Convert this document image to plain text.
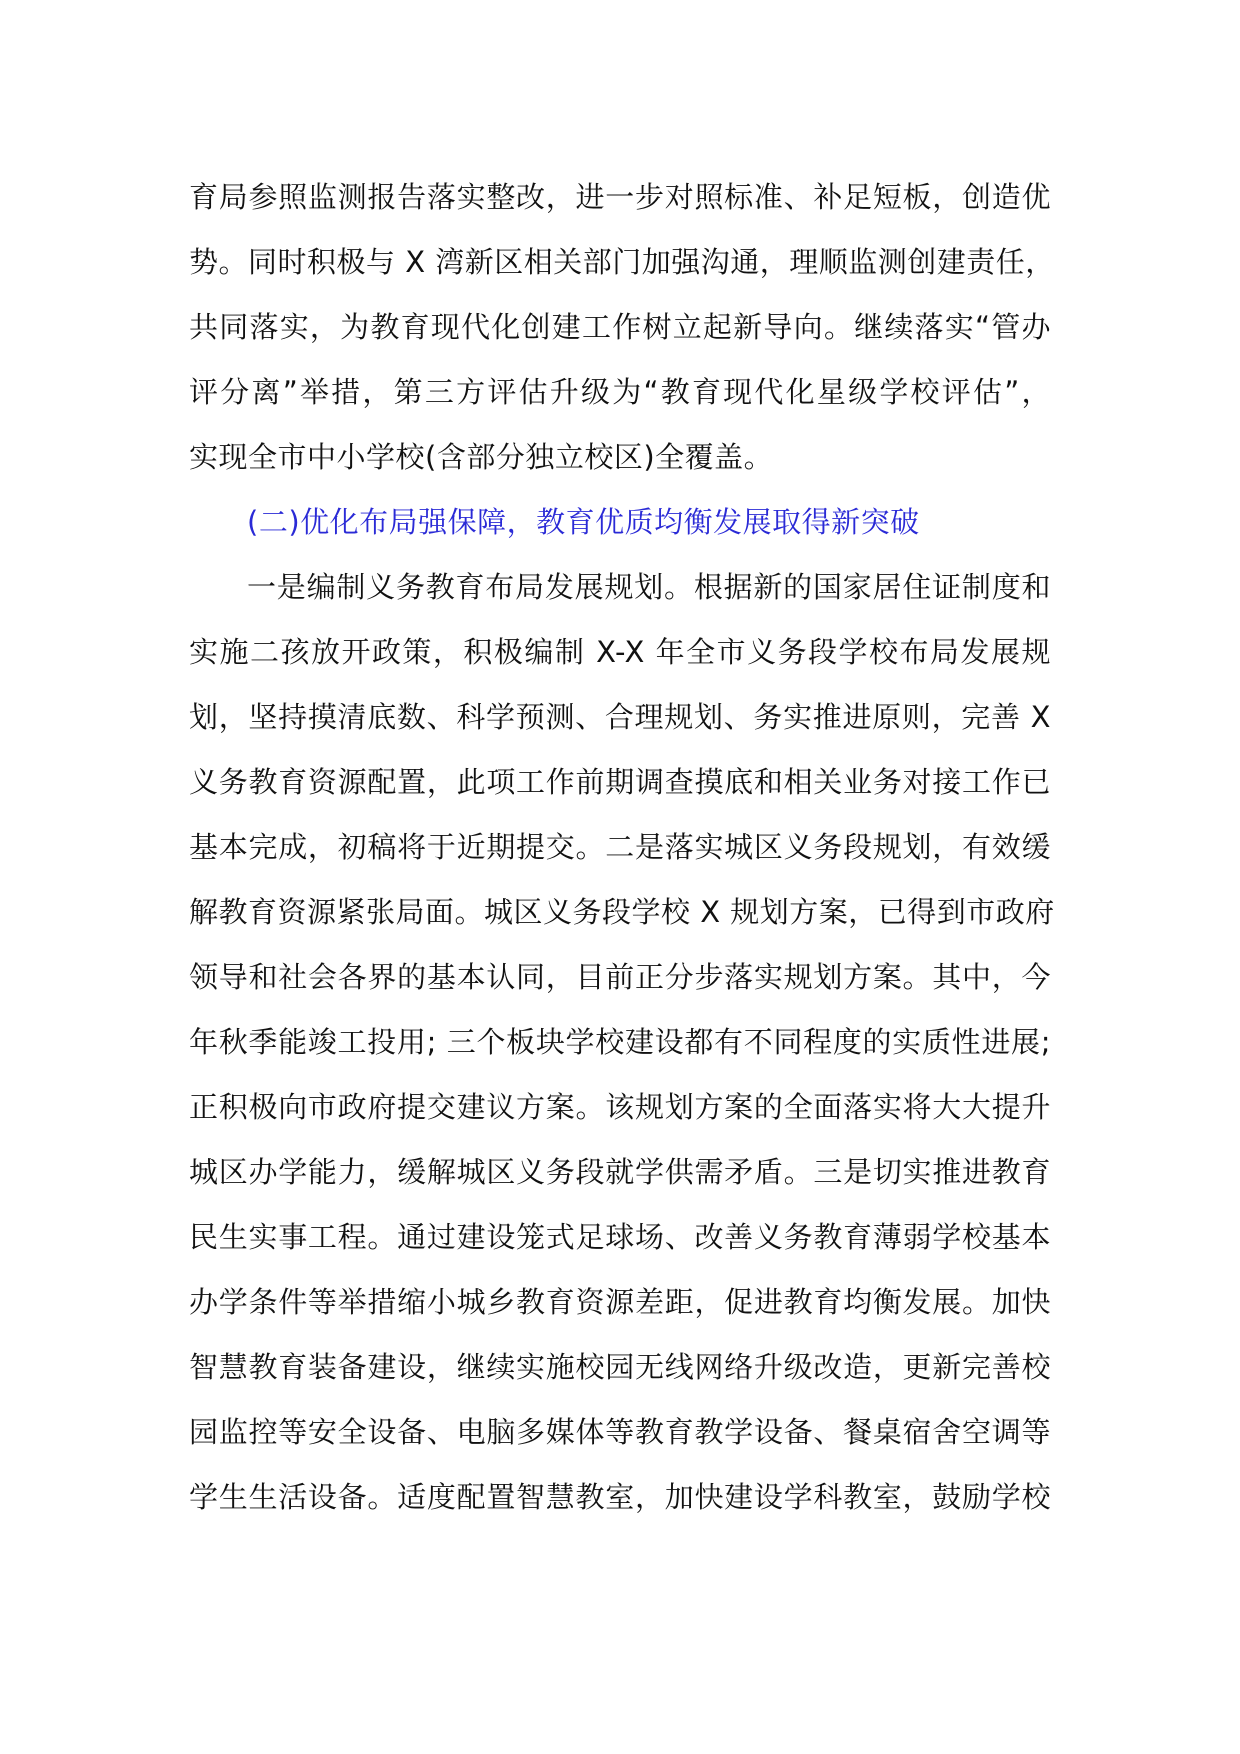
育局参照监测报告落实整改，进一步对照标准、补足短板，创造优
势。同时积极与 X 湾新区相关部门加强沟通，理顺监测创建责任，
共同落实，为教育现代化创建工作树立起新导向。继续落实“管办
评分离”举措，第三方评估升级为“教育现代化星级学校评估”，
实现全市中小学校(含部分独立校区)全覆盖。
(二)优化布局强保障，教育优质均衡发展取得新突破
一是编制义务教育布局发展规划。根据新的国家居住证制度和
实施二孩放开政策，积极编制 X-X 年全市义务段学校布局发展规
划，坚持摸清底数、科学预测、合理规划、务实推进原则，完善 X
义务教育资源配置，此项工作前期调查摸底和相关业务对接工作已
基本完成，初稿将于近期提交。二是落实城区义务段规划，有效缓
解教育资源紧张局面。城区义务段学校 X 规划方案，已得到市政府
领导和社会各界的基本认同，目前正分步落实规划方案。其中，今
年秋季能竣工投用; 三个板块学校建设都有不同程度的实质性进展;
正积极向市政府提交建议方案。该规划方案的全面落实将大大提升
城区办学能力，缓解城区义务段就学供需矛盾。三是切实推进教育
民生实事工程。通过建设笼式足球场、改善义务教育薄弱学校基本
办学条件等举措缩小城乡教育资源差距，促进教育均衡发展。加快
智慧教育装备建设，继续实施校园无线网络升级改造，更新完善校
园监控等安全设备、电脑多媒体等教育教学设备、餐桌宿舍空调等
学生生活设备。适度配置智慧教室，加快建设学科教室，鼓励学校
